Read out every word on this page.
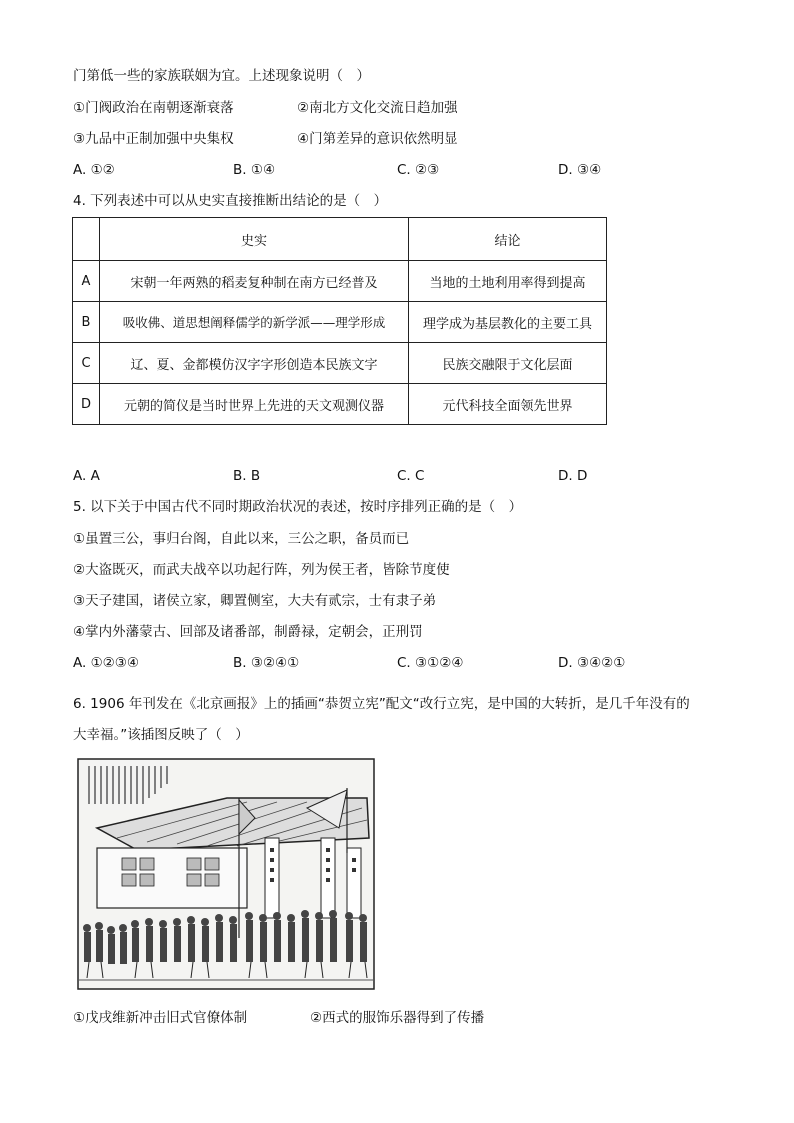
门第低一些的家族联姻为宜。上述现象说明（　）
①门阀政治在南朝逐渐衰落	②南北方文化交流日趋加强
③九品中正制加强中央集权	④门第差异的意识依然明显
A. ①②	B. ①④	C. ②③	D. ③④
4. 下列表述中可以从史实直接推断出结论的是（　）
	史实	结论
A	宋朝一年两熟的稻麦复种制在南方已经普及	当地的土地利用率得到提高
B	吸收佛、道思想阐释儒学的新学派——理学形成	理学成为基层教化的主要工具
C	辽、夏、金都模仿汉字字形创造本民族文字	民族交融限于文化层面
D	元朝的简仪是当时世界上先进的天文观测仪器	元代科技全面领先世界
A. A	B. B	C. C	D. D
5. 以下关于中国古代不同时期政治状况的表述，按时序排列正确的是（　）
①虽置三公，事归台阁，自此以来，三公之职，备员而已
②大盗既灭，而武夫战卒以功起行阵，列为侯王者，皆除节度使
③天子建国，诸侯立家，卿置侧室，大夫有贰宗，士有隶子弟
④掌内外藩蒙古、回部及诸番部，制爵禄，定朝会，正刑罚
A. ①②③④	B. ③②④①	C. ③①②④	D. ③④②①
6. 1906 年刊发在《北京画报》上的插画“恭贺立宪”配文“改行立宪，是中国的大转折，是几千年没有的
大幸福。”该插图反映了（　）
①戊戌维新冲击旧式官僚体制	②西式的服饰乐器得到了传播
